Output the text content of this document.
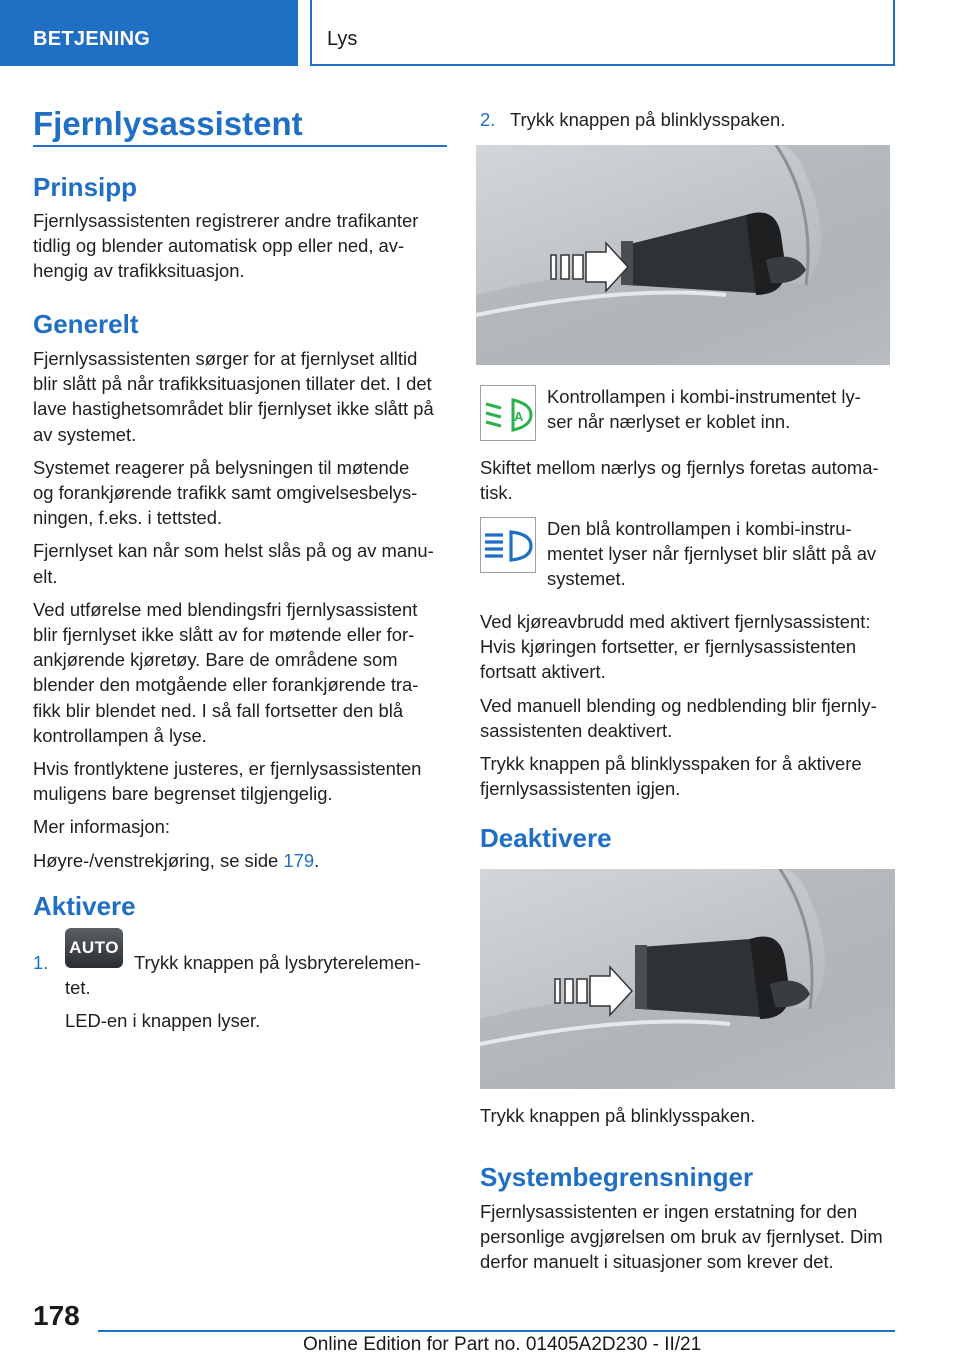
BETJENING	Lys
Fjernlysassistent
Prinsipp
Fjernlysassistenten registrerer andre trafikanter
tidlig og blender automatisk opp eller ned, av-
hengig av trafikksituasjon.
Generelt
Fjernlysassistenten sørger for at fjernlyset alltid
blir slått på når trafikksituasjonen tillater det. I det
lave hastighetsområdet blir fjernlyset ikke slått på
av systemet.
Systemet reagerer på belysningen til møtende
og forankjørende trafikk samt omgivelsesbelys-
ningen, f.eks. i tettsted.
Fjernlyset kan når som helst slås på og av manu-
elt.
Ved utførelse med blendingsfri fjernlysassistent
blir fjernlyset ikke slått av for møtende eller for-
ankjørende kjøretøy. Bare de områdene som
blender den motgående eller forankjørende tra-
fikk blir blendet ned. I så fall fortsetter den blå
kontrollampen å lyse.
Hvis frontlyktene justeres, er fjernlysassistenten
muligens bare begrenset tilgjengelig.
Mer informasjon:
Høyre-/venstrekjøring, se side 179.
Aktivere
1.
AUTO
Trykk knappen på lysbryterelemen-
tet.
LED-en i knappen lyser.
2. Trykk knappen på blinklysspaken.
A
Kontrollampen i kombi-instrumentet ly-
ser når nærlyset er koblet inn.
Skiftet mellom nærlys og fjernlys foretas automa-
tisk.
Den blå kontrollampen i kombi-instru-
mentet lyser når fjernlyset blir slått på av
systemet.
Ved kjøreavbrudd med aktivert fjernlysassistent:
Hvis kjøringen fortsetter, er fjernlysassistenten
fortsatt aktivert.
Ved manuell blending og nedblending blir fjernly-
sassistenten deaktivert.
Trykk knappen på blinklysspaken for å aktivere
fjernlysassistenten igjen.
Deaktivere
Trykk knappen på blinklysspaken.
Systembegrensninger
Fjernlysassistenten er ingen erstatning for den
personlige avgjørelsen om bruk av fjernlyset. Dim
derfor manuelt i situasjoner som krever det.
178
Online Edition for Part no. 01405A2D230 - II/21
